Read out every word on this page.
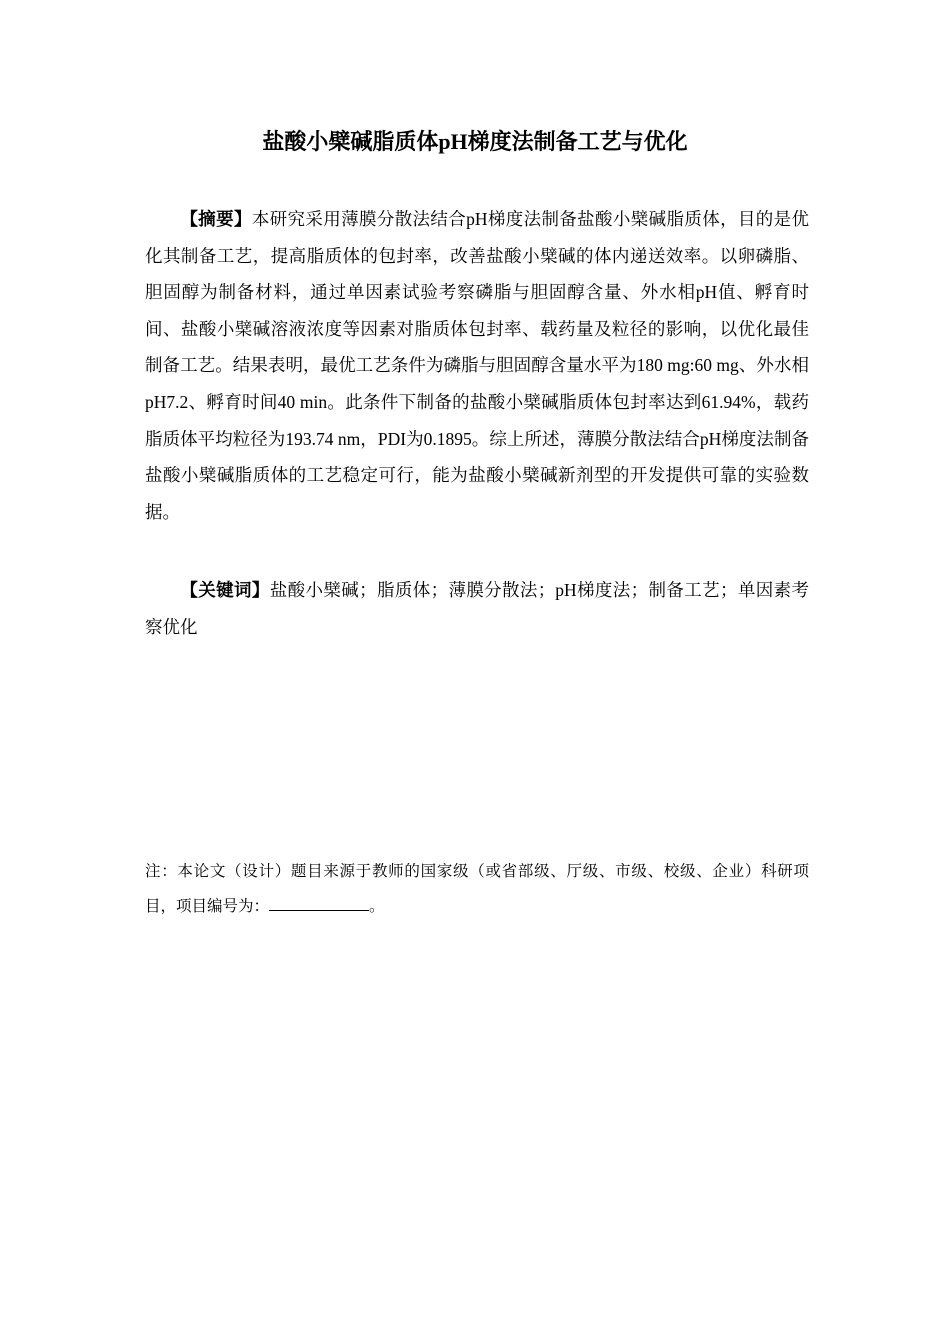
盐酸小檗碱脂质体pH梯度法制备工艺与优化

【摘要】本研究采用薄膜分散法结合pH梯度法制备盐酸小檗碱脂质体，目的是优化其制备工艺，提高脂质体的包封率，改善盐酸小檗碱的体内递送效率。以卵磷脂、胆固醇为制备材料，通过单因素试验考察磷脂与胆固醇含量、外水相pH值、孵育时间、盐酸小檗碱溶液浓度等因素对脂质体包封率、载药量及粒径的影响，以优化最佳制备工艺。结果表明，最优工艺条件为磷脂与胆固醇含量水平为180 mg:60 mg、外水相pH7.2、孵育时间40 min。此条件下制备的盐酸小檗碱脂质体包封率达到61.94%，载药脂质体平均粒径为193.74 nm，PDI为0.1895。综上所述，薄膜分散法结合pH梯度法制备盐酸小檗碱脂质体的工艺稳定可行，能为盐酸小檗碱新剂型的开发提供可靠的实验数据。

【关键词】盐酸小檗碱；脂质体；薄膜分散法；pH梯度法；制备工艺；单因素考察优化

注：本论文（设计）题目来源于教师的国家级（或省部级、厅级、市级、校级、企业）科研项目，项目编号为：	。
